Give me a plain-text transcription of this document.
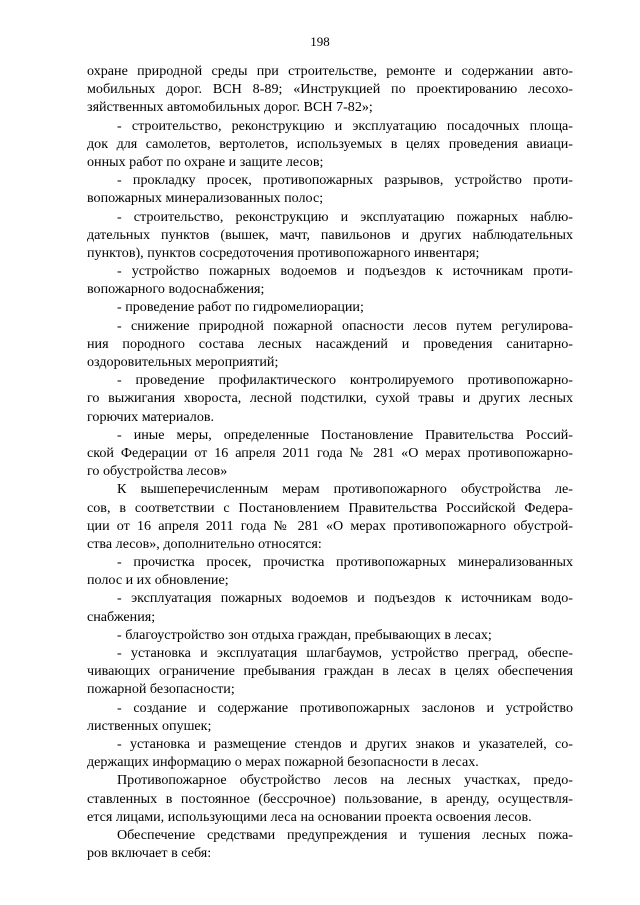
198
охране природной среды при строительстве, ремонте и содержании авто-
мобильных дорог. ВСН 8-89; «Инструкцией по проектированию лесохо-
зяйственных автомобильных дорог. ВСН 7-82»;
- строительство, реконструкцию и эксплуатацию посадочных площа-
док для самолетов, вертолетов, используемых в целях проведения авиаци-
онных работ по охране и защите лесов;
- прокладку просек, противопожарных разрывов, устройство проти-
вопожарных минерализованных полос;
- строительство, реконструкцию и эксплуатацию пожарных наблю-
дательных пунктов (вышек, мачт, павильонов и других наблюдательных
пунктов), пунктов сосредоточения противопожарного инвентаря;
- устройство пожарных водоемов и подъездов к источникам проти-
вопожарного водоснабжения;
- проведение работ по гидромелиорации;
- снижение природной пожарной опасности лесов путем регулирова-
ния породного состава лесных насаждений и проведения санитарно-
оздоровительных мероприятий;
- проведение профилактического контролируемого противопожарно-
го выжигания хвороста, лесной подстилки, сухой травы и других лесных
горючих материалов.
- иные меры, определенные Постановление Правительства Россий-
ской Федерации от 16 апреля 2011 года № 281 «О мерах противопожарно-
го обустройства лесов»
К вышеперечисленным мерам противопожарного обустройства ле-
сов, в соответствии с Постановлением Правительства Российской Федера-
ции от 16 апреля 2011 года № 281 «О мерах противопожарного обустрой-
ства лесов», дополнительно относятся:
- прочистка просек, прочистка противопожарных минерализованных
полос и их обновление;
- эксплуатация пожарных водоемов и подъездов к источникам водо-
снабжения;
- благоустройство зон отдыха граждан, пребывающих в лесах;
- установка и эксплуатация шлагбаумов, устройство преград, обеспе-
чивающих ограничение пребывания граждан в лесах в целях обеспечения
пожарной безопасности;
- создание и содержание противопожарных заслонов и устройство
лиственных опушек;
- установка и размещение стендов и других знаков и указателей, со-
держащих информацию о мерах пожарной безопасности в лесах.
Противопожарное обустройство лесов на лесных участках, предо-
ставленных в постоянное (бессрочное) пользование, в аренду, осуществля-
ется лицами, использующими леса на основании проекта освоения лесов.
Обеспечение средствами предупреждения и тушения лесных пожа-
ров включает в себя:
